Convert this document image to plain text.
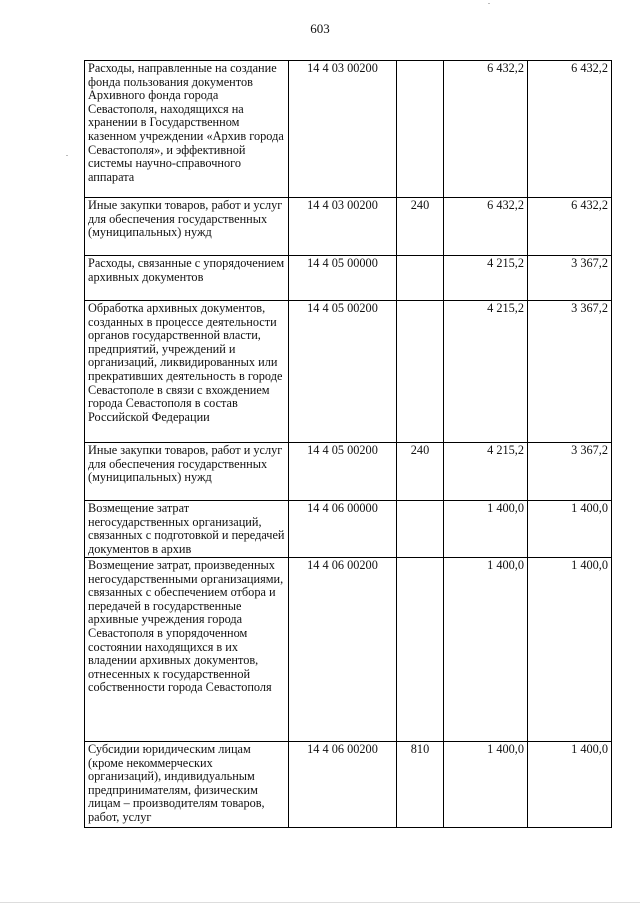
603
Расходы, направленные на создание фонда пользования документов Архивного фонда города Севастополя, находящихся на хранении в Государственном казенном учреждении «Архив города Севастополя», и эффективной системы научно-справочного аппарата	14 4 03 00200		6 432,2	6 432,2
Иные закупки товаров, работ и услуг для обеспечения государственных (муниципальных) нужд	14 4 03 00200	240	6 432,2	6 432,2
Расходы, связанные с упорядочением архивных документов	14 4 05 00000		4 215,2	3 367,2
Обработка архивных документов, созданных в процессе деятельности органов государственной власти, предприятий, учреждений и организаций, ликвидированных или прекративших деятельность в городе Севастополе в связи с вхождением города Севастополя в состав Российской Федерации	14 4 05 00200		4 215,2	3 367,2
Иные закупки товаров, работ и услуг для обеспечения государственных (муниципальных) нужд	14 4 05 00200	240	4 215,2	3 367,2
Возмещение затрат негосударственных организаций, связанных с подготовкой и передачей документов в архив	14 4 06 00000		1 400,0	1 400,0
Возмещение затрат, произведенных негосударственными организациями, связанных с обеспечением отбора и передачей в государственные архивные учреждения города Севастополя в упорядоченном состоянии находящихся в их владении архивных документов, отнесенных к государственной собственности города Севастополя	14 4 06 00200		1 400,0	1 400,0
Субсидии юридическим лицам (кроме некоммерческих организаций), индивидуальным предпринимателям, физическим лицам – производителям товаров, работ, услуг	14 4 06 00200	810	1 400,0	1 400,0
